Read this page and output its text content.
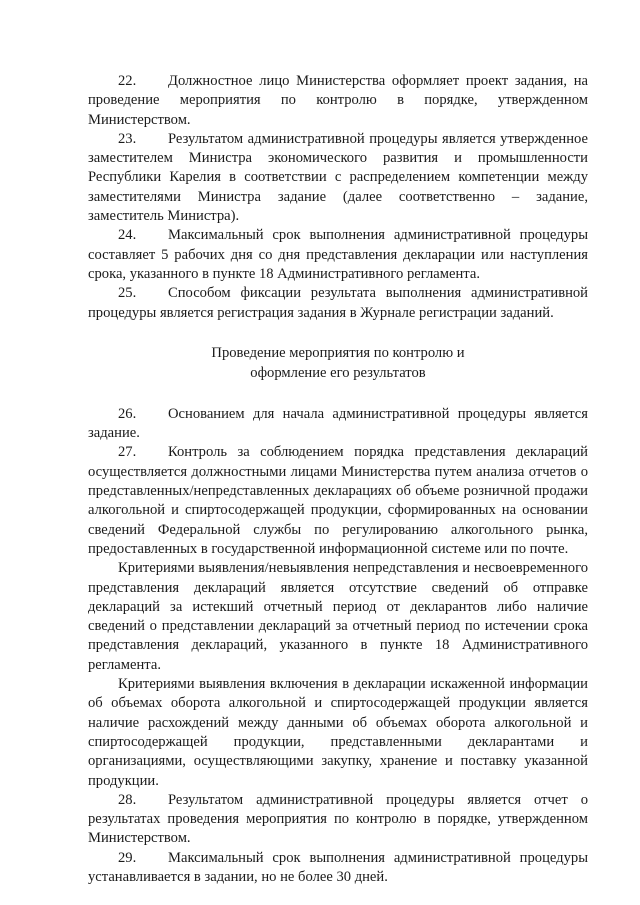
22. Должностное лицо Министерства оформляет проект задания, на проведение мероприятия по контролю в порядке, утвержденном Министерством.

23. Результатом административной процедуры является утвержденное заместителем Министра экономического развития и промышленности Республики Карелия в соответствии с распределением компетенции между заместителями Министра задание (далее соответственно – задание, заместитель Министра).

24. Максимальный срок выполнения административной процедуры составляет 5 рабочих дня со дня представления декларации или наступления срока, указанного в пункте 18 Административного регламента.

25. Способом фиксации результата выполнения административной процедуры является регистрация задания в Журнале регистрации заданий.

Проведение мероприятия по контролю и
оформление его результатов

26. Основанием для начала административной процедуры является задание.

27. Контроль за соблюдением порядка представления деклараций осуществляется должностными лицами Министерства путем анализа отчетов о представленных/непредставленных декларациях об объеме розничной продажи алкогольной и спиртосодержащей продукции, сформированных на основании сведений Федеральной службы по регулированию алкогольного рынка, предоставленных в государственной информационной системе или по почте.

Критериями выявления/невыявления непредставления и несвоевременного представления деклараций является отсутствие сведений об отправке деклараций за истекший отчетный период от декларантов либо наличие сведений о представлении деклараций за отчетный период по истечении срока представления деклараций, указанного в пункте 18 Административного регламента.

Критериями выявления включения в декларации искаженной информации об объемах оборота алкогольной и спиртосодержащей продукции является наличие расхождений между данными об объемах оборота алкогольной и спиртосодержащей продукции, представленными декларантами и организациями, осуществляющими закупку, хранение и поставку указанной продукции.

28. Результатом административной процедуры является отчет о результатах проведения мероприятия по контролю в порядке, утвержденном Министерством.

29. Максимальный срок выполнения административной процедуры устанавливается в задании, но не более 30 дней.
